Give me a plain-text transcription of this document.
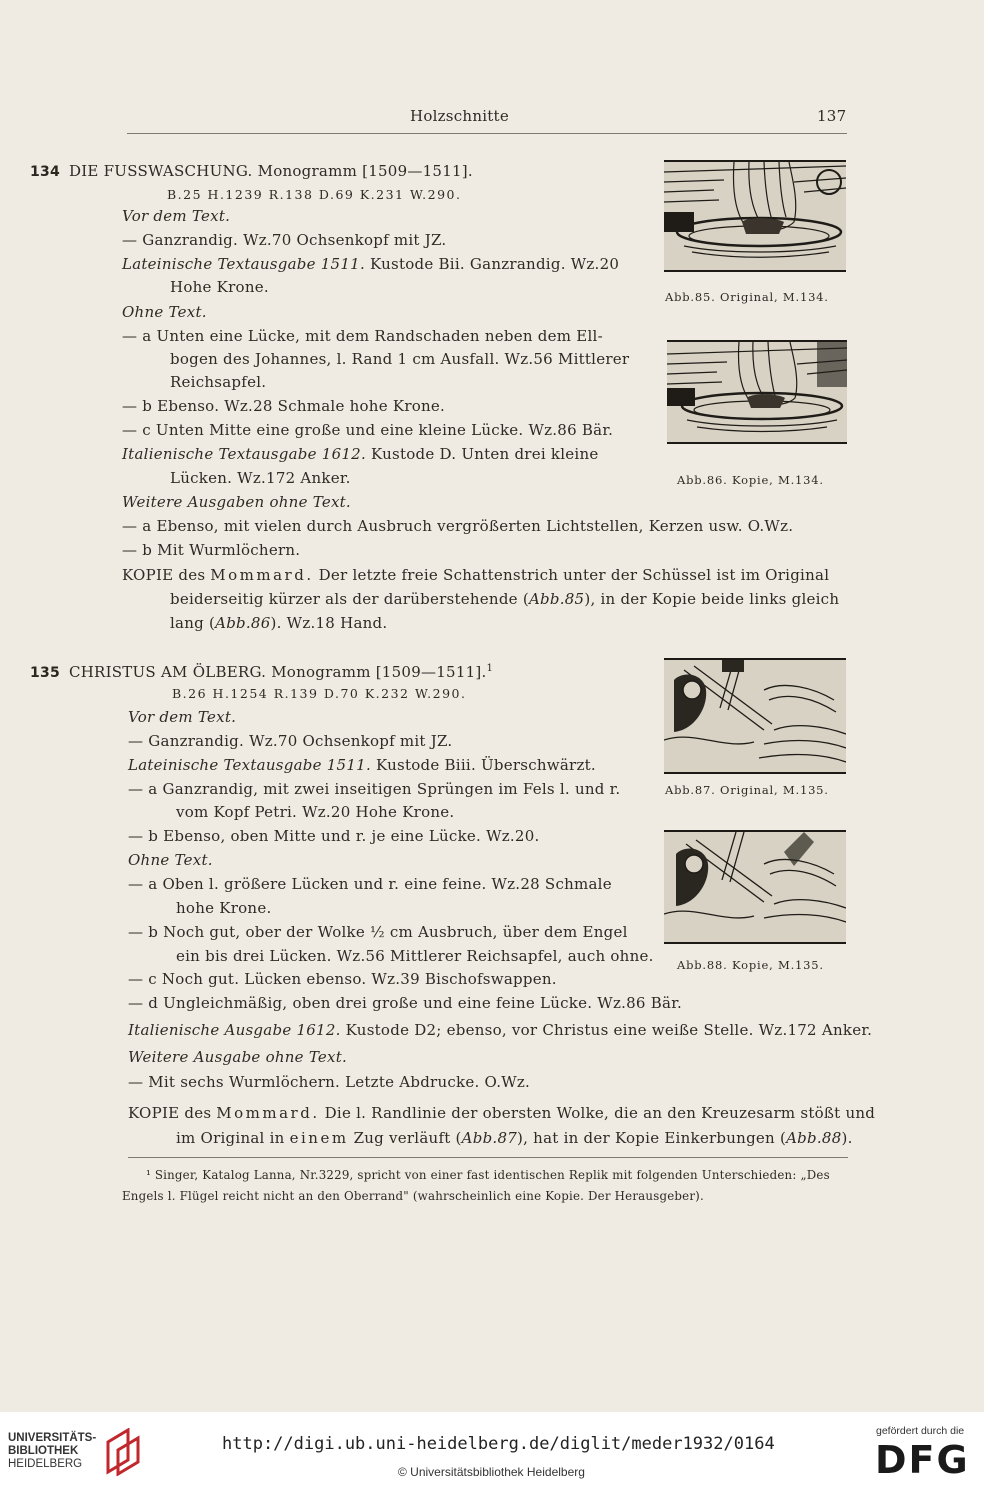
Holzschnitte	137
134 DIE FUSSWASCHUNG. Monogramm [1509—1511].
B.25 H.1239 R.138 D.69 K.231 W.290.
Vor dem Text.
— Ganzrandig. Wz.70 Ochsenkopf mit JZ.
Lateinische Textausgabe 1511. Kustode Bii. Ganzrandig. Wz.20
Hohe Krone.
Ohne Text.
— a Unten eine Lücke, mit dem Randschaden neben dem Ell-
bogen des Johannes, l. Rand 1 cm Ausfall. Wz.56 Mittlerer
Reichsapfel.
— b Ebenso. Wz.28 Schmale hohe Krone.
— c Unten Mitte eine große und eine kleine Lücke. Wz.86 Bär.
Italienische Textausgabe 1612. Kustode D. Unten drei kleine
Lücken. Wz.172 Anker.
Weitere Ausgaben ohne Text.
— a Ebenso, mit vielen durch Ausbruch vergrößerten Lichtstellen, Kerzen usw. O.Wz.
— b Mit Wurmlöchern.
KOPIE des Mommard. Der letzte freie Schattenstrich unter der Schüssel ist im Original
beiderseitig kürzer als der darüberstehende (Abb.85), in der Kopie beide links gleich
lang (Abb.86). Wz.18 Hand.
Abb.85. Original, M.134.
Abb.86. Kopie, M.134.
135 CHRISTUS AM ÖLBERG. Monogramm [1509—1511].$^1$
B.26 H.1254 R.139 D.70 K.232 W.290.
Vor dem Text.
— Ganzrandig. Wz.70 Ochsenkopf mit JZ.
Lateinische Textausgabe 1511. Kustode Biii. Überschwärzt.
— a Ganzrandig, mit zwei inseitigen Sprüngen im Fels l. und r.
vom Kopf Petri. Wz.20 Hohe Krone.
— b Ebenso, oben Mitte und r. je eine Lücke. Wz.20.
Ohne Text.
— a Oben l. größere Lücken und r. eine feine. Wz.28 Schmale
hohe Krone.
— b Noch gut, ober der Wolke ½ cm Ausbruch, über dem Engel
ein bis drei Lücken. Wz.56 Mittlerer Reichsapfel, auch ohne.
— c Noch gut. Lücken ebenso. Wz.39 Bischofswappen.
— d Ungleichmäßig, oben drei große und eine feine Lücke. Wz.86 Bär.
Italienische Ausgabe 1612. Kustode D2; ebenso, vor Christus eine weiße Stelle. Wz.172 Anker.
Weitere Ausgabe ohne Text.
— Mit sechs Wurmlöchern. Letzte Abdrucke. O.Wz.
KOPIE des Mommard. Die l. Randlinie der obersten Wolke, die an den Kreuzesarm stößt und
im Original in einem Zug verläuft (Abb.87), hat in der Kopie Einkerbungen (Abb.88).
Abb.87. Original, M.135.
Abb.88. Kopie, M.135.
¹ Singer, Katalog Lanna, Nr.3229, spricht von einer fast identischen Replik mit folgenden Unterschieden: „Des
Engels l. Flügel reicht nicht an den Oberrand" (wahrscheinlich eine Kopie. Der Herausgeber).
UNIVERSITÄTS-
BIBLIOTHEK
HEIDELBERG
http://digi.ub.uni-heidelberg.de/diglit/meder1932/0164
© Universitätsbibliothek Heidelberg
gefördert durch die
DFG
